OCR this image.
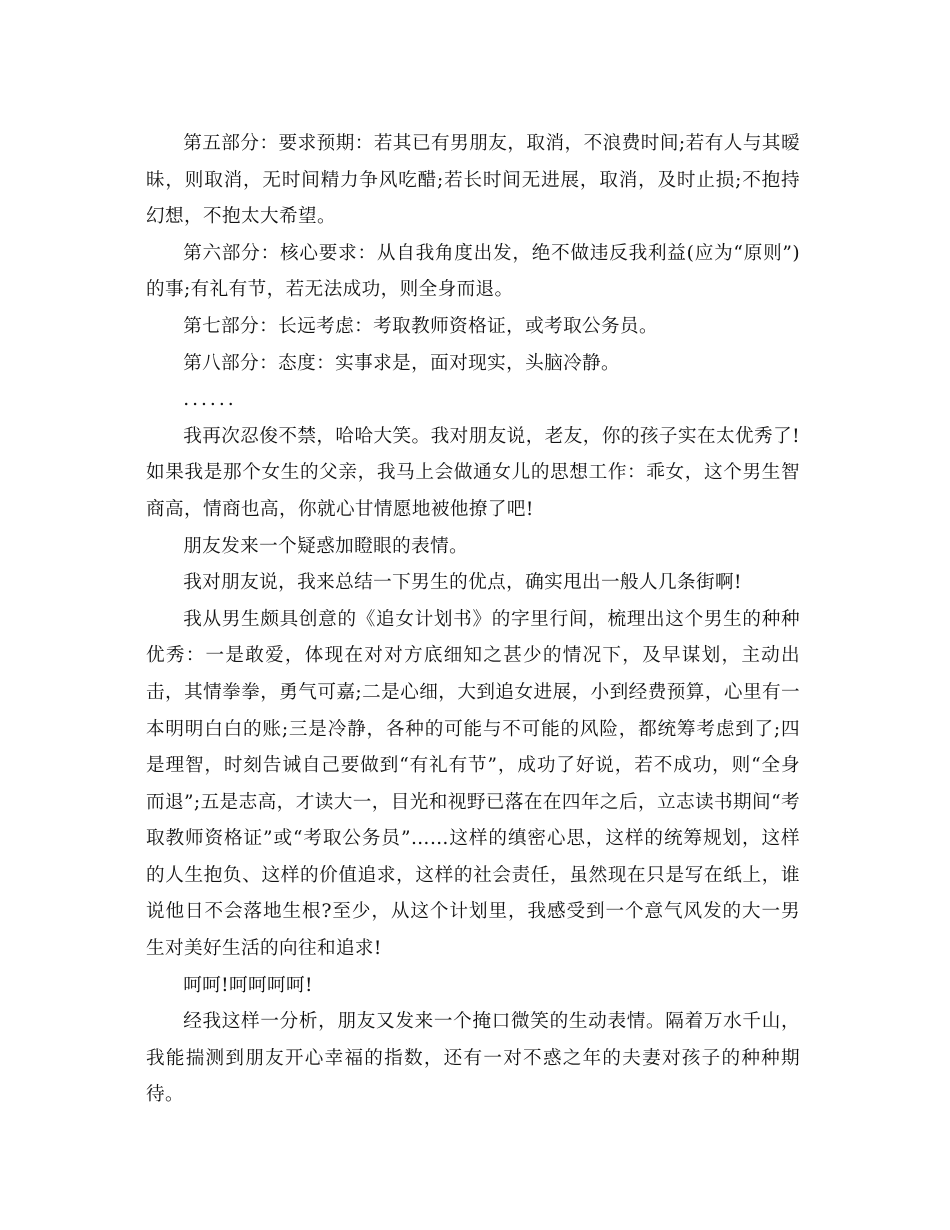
第五部分：要求预期：若其已有男朋友，取消，不浪费时间;若有人与其暧昧，则取消，无时间精力争风吃醋;若长时间无进展，取消，及时止损;不抱持幻想，不抱太大希望。

第六部分：核心要求：从自我角度出发，绝不做违反我利益(应为“原则”)的事;有礼有节，若无法成功，则全身而退。

第七部分：长远考虑：考取教师资格证，或考取公务员。

第八部分：态度：实事求是，面对现实，头脑冷静。

......

我再次忍俊不禁，哈哈大笑。我对朋友说，老友，你的孩子实在太优秀了!如果我是那个女生的父亲，我马上会做通女儿的思想工作：乖女，这个男生智商高，情商也高，你就心甘情愿地被他撩了吧!

朋友发来一个疑惑加瞪眼的表情。

我对朋友说，我来总结一下男生的优点，确实甩出一般人几条街啊!

我从男生颇具创意的《追女计划书》的字里行间，梳理出这个男生的种种优秀：一是敢爱，体现在对对方底细知之甚少的情况下，及早谋划，主动出击，其情拳拳，勇气可嘉;二是心细，大到追女进展，小到经费预算，心里有一本明明白白的账;三是冷静，各种的可能与不可能的风险，都统筹考虑到了;四是理智，时刻告诫自己要做到“有礼有节”，成功了好说，若不成功，则“全身而退”;五是志高，才读大一，目光和视野已落在在四年之后，立志读书期间“考取教师资格证”或“考取公务员”……这样的缜密心思，这样的统筹规划，这样的人生抱负、这样的价值追求，这样的社会责任，虽然现在只是写在纸上，谁说他日不会落地生根?至少，从这个计划里，我感受到一个意气风发的大一男生对美好生活的向往和追求!

呵呵!呵呵呵呵!

经我这样一分析，朋友又发来一个掩口微笑的生动表情。隔着万水千山，我能揣测到朋友开心幸福的指数，还有一对不惑之年的夫妻对孩子的种种期待。
